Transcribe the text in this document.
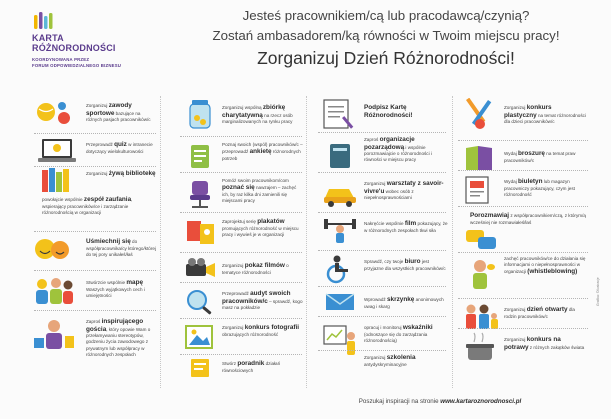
KARTA
RÓŻNORODNOŚCI
KOORDYNOWANA PRZEZ
FORUM ODPOWIEDZIALNEGO BIZNESU
Jesteś pracownikiem/cą lub pracodawcą/czynią?
Zostań ambasadorem/ką równości w Twoim miejscu pracy!
Zorganizuj Dzień Różnorodności!
Zorganizuj zawody sportowe bazujące na różnych pasjach pracowników/c
Przeprowadź quiz w intranecie dotyczący wielokulturowości
Zorganizuj żywą bibliotekę
powołajcie wspólnie zespół zaufania, wspierający pracowników/ce i zarządzanie różnorodnością w organizacji
Uśmiechnij się do współpracownika/cy którego/której do tej pory unikałeś/łaś
Stwórzcie wspólnie mapę Waszych wyjątkowych cech i umiejętności
Zaproś inspirującego gościa, który opowie Wam o przełamywaniu stereotypów, godzeniu życia zawodowego z prywatnym lub współpracy w różnorodnych zespołach
Zorganizuj wspólną zbiórkę charytatywną na rzecz osób marginalizowanych na rynku pracy
Poznaj swoich (wspól) pracowników/c – przeprowadź ankietę różnorodnych potrzeb
Pomóż swoim pracownikom/com poznać się nawzajem – zachęć ich, by raz kilka dni zamienili się miejscami pracy
Zaprojektuj serię plakatów promujących różnorodność w miejscu pracy i wywieś je w organizacji
Zorganizuj pokaz filmów o tematyce różnorodności
Przeprowadź audyt swoich pracowników/c – sprawdź, kogo masz na pokładzie
Zorganizuj konkurs fotografii obrazujących różnorodność
Stwórz poradnik działań równościowych
Podpisz Kartę Różnorodności!
Zaproś organizacje pozarządową i wspólnie porozmawiajcie o różnorodności i równości w miejscu pracy
Zorganizuj warsztaty z savoir-vivre'u wobec osób z niepełnosprawnościami
Nakręćcie wspólnie film pokazujący, że w różnorodnych zespołach tkwi siła
Sprawdź, czy twoje biuro jest przyjazne dla wszystkich pracowników/c
Wprowadź skrzynkę anonimowych uwag i skarg
opracuj i monitoruj wskaźniki (odnoszące się do zarządzania różnorodnością)
Zorganizuj szkolenia antydyskryminacyjne
Zorganizuj konkurs plastyczny na temat różnorodności dla dzieci pracowników/c
Wydaj broszurę na temat praw pracowników/c
Wydaj biuletyn lub magazyn pracowniczy pokazujący, czym jest różnorodność
Porozmawiaj z współpracownikiem/czą, z którym/ą wcześniej nie rozmawiałeś/łaś
zachęć pracowników/ce do działania się informacjami o niepełnosprawności w organizacji (whistleblowing)
Zorganizuj dzień otwarty dla rodzin pracowników/c
Zorganizuj konkurs na potrawy z różnych zakątków świata
Poszukaj inspiracji na stronie www.kartaroznorodnosci.pl
Grafika: ©ilustracje
